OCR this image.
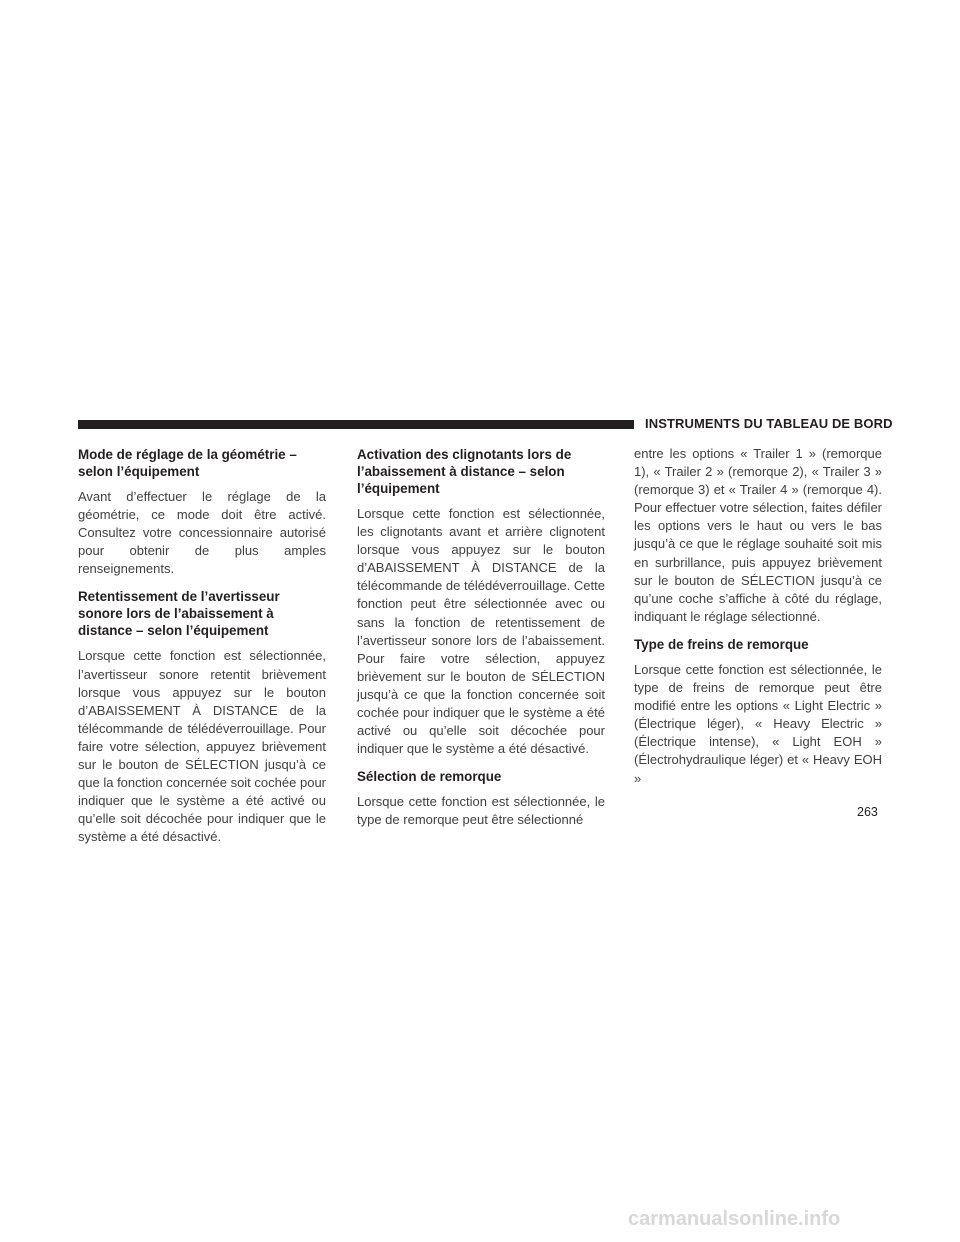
INSTRUMENTS DU TABLEAU DE BORD
Mode de réglage de la géométrie – selon l’équipement

Avant d’effectuer le réglage de la géométrie, ce mode doit être activé. Consultez votre concessionnaire autorisé pour obtenir de plus amples renseignements.

Retentissement de l’avertisseur sonore lors de l’abaissement à distance – selon l’équipement

Lorsque cette fonction est sélectionnée, l’avertisseur sonore retentit brièvement lorsque vous appuyez sur le bouton d’ABAISSEMENT À DISTANCE de la télécommande de télédéverrouillage. Pour faire votre sélection, appuyez brièvement sur le bouton de SÉLECTION jusqu’à ce que la fonction concernée soit cochée pour indiquer que le système a été activé ou qu’elle soit décochée pour indiquer que le système a été désactivé.

Activation des clignotants lors de l’abaissement à distance – selon l’équipement

Lorsque cette fonction est sélectionnée, les clignotants avant et arrière clignotent lorsque vous appuyez sur le bouton d’ABAISSEMENT À DISTANCE de la télécommande de télédéverrouillage. Cette fonction peut être sélectionnée avec ou sans la fonction de retentissement de l’avertisseur sonore lors de l’abaissement. Pour faire votre sélection, appuyez brièvement sur le bouton de SÉLECTION jusqu’à ce que la fonction concernée soit cochée pour indiquer que le système a été activé ou qu’elle soit décochée pour indiquer que le système a été désactivé.

Sélection de remorque

Lorsque cette fonction est sélectionnée, le type de remorque peut être sélectionné

entre les options « Trailer 1 » (remorque 1), « Trailer 2 » (remorque 2), « Trailer 3 » (remorque 3) et « Trailer 4 » (remorque 4). Pour effectuer votre sélection, faites défiler les options vers le haut ou vers le bas jusqu’à ce que le réglage souhaité soit mis en surbrillance, puis appuyez brièvement sur le bouton de SÉLECTION jusqu’à ce qu’une coche s’affiche à côté du réglage, indiquant le réglage sélectionné.

Type de freins de remorque

Lorsque cette fonction est sélectionnée, le type de freins de remorque peut être modifié entre les options « Light Electric » (Électrique léger), « Heavy Electric » (Électrique intense), « Light EOH » (Électrohydraulique léger) et « Heavy EOH »

263
carmanualsonline.info
